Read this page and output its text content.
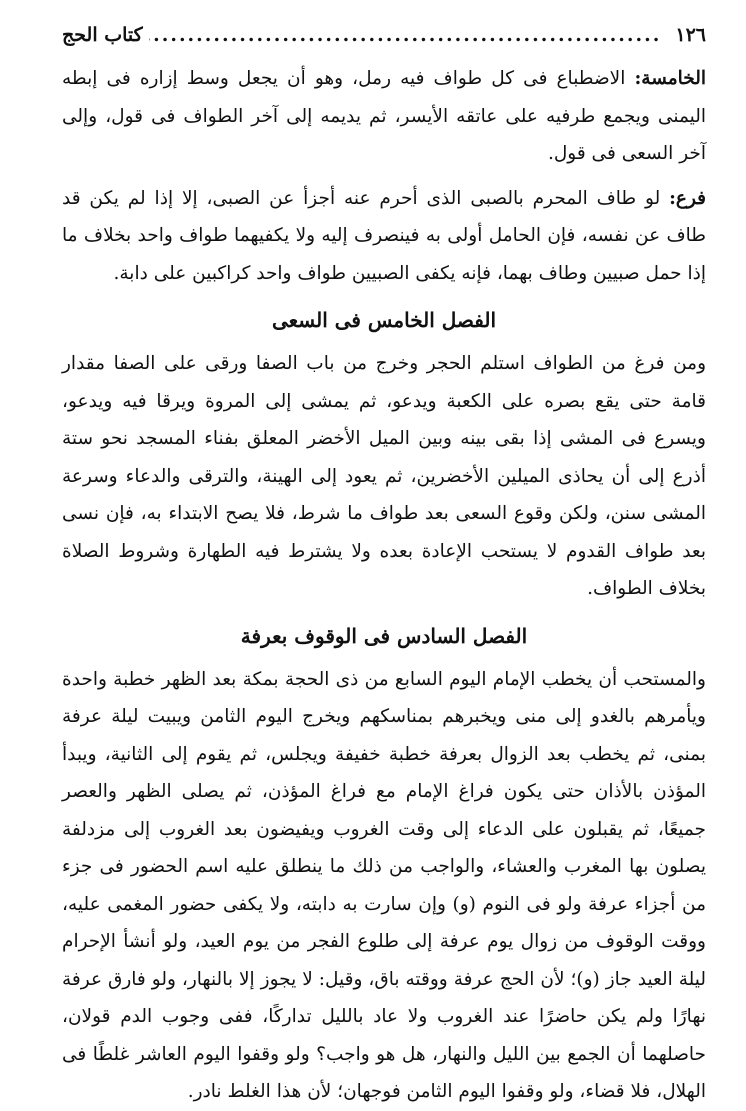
١٢٦
.....
كتاب الحج

الخامسة: الاضطباع فى كل طواف فيه رمل، وهو أن يجعل وسط إزاره فى إبطه اليمنى ويجمع طرفيه على عاتقه الأيسر، ثم يديمه إلى آخر الطواف فى قول، وإلى آخر السعى فى قول.

فرع: لو طاف المحرم بالصبى الذى أحرم عنه أجزأ عن الصبى، إلا إذا لم يكن قد طاف عن نفسه، فإن الحامل أولى به فينصرف إليه ولا يكفيهما طواف واحد بخلاف ما إذا حمل صبيين وطاف بهما، فإنه يكفى الصبيين طواف واحد كراكبين على دابة.

الفصل الخامس فى السعى

ومن فرغ من الطواف استلم الحجر وخرج من باب الصفا ورقى على الصفا مقدار قامة حتى يقع بصره على الكعبة ويدعو، ثم يمشى إلى المروة ويرقا فيه ويدعو، ويسرع فى المشى إذا بقى بينه وبين الميل الأخضر المعلق بفناء المسجد نحو ستة أذرع إلى أن يحاذى الميلين الأخضرين، ثم يعود إلى الهينة، والترقى والدعاء وسرعة المشى سنن، ولكن وقوع السعى بعد طواف ما شرط، فلا يصح الابتداء به، فإن نسى بعد طواف القدوم لا يستحب الإعادة بعده ولا يشترط فيه الطهارة وشروط الصلاة بخلاف الطواف.

الفصل السادس فى الوقوف بعرفة

والمستحب أن يخطب الإمام اليوم السابع من ذى الحجة بمكة بعد الظهر خطبة واحدة ويأمرهم بالغدو إلى منى ويخبرهم بمناسكهم ويخرج اليوم الثامن ويبيت ليلة عرفة بمنى، ثم يخطب بعد الزوال بعرفة خطبة خفيفة ويجلس، ثم يقوم إلى الثانية، ويبدأ المؤذن بالأذان حتى يكون فراغ الإمام مع فراغ المؤذن، ثم يصلى الظهر والعصر جميعًا، ثم يقبلون على الدعاء إلى وقت الغروب ويفيضون بعد الغروب إلى مزدلفة يصلون بها المغرب والعشاء، والواجب من ذلك ما ينطلق عليه اسم الحضور فى جزء من أجزاء عرفة ولو فى النوم (و) وإن سارت به دابته، ولا يكفى حضور المغمى عليه، ووقت الوقوف من زوال يوم عرفة إلى طلوع الفجر من يوم العيد، ولو أنشأ الإحرام ليلة العيد جاز (و)؛ لأن الحج عرفة ووقته باق، وقيل: لا يجوز إلا بالنهار، ولو فارق عرفة نهارًا ولم يكن حاضرًا عند الغروب ولا عاد بالليل تداركًا، ففى وجوب الدم قولان، حاصلهما أن الجمع بين الليل والنهار، هل هو واجب؟ ولو وقفوا اليوم العاشر غلطًا فى الهلال، فلا قضاء، ولو وقفوا اليوم الثامن فوجهان؛ لأن هذا الغلط نادر.
